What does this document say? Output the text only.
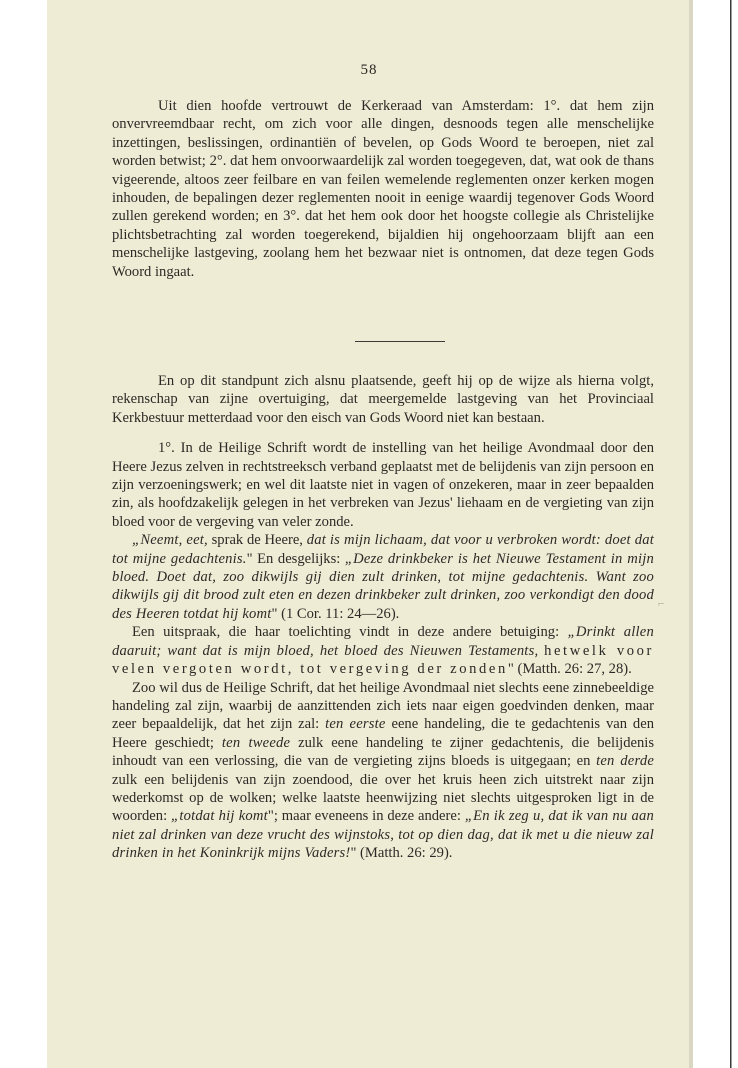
58

Uit dien hoofde vertrouwt de Kerkeraad van Amsterdam: 1°. dat hem zijn onvervreemdbaar recht, om zich voor alle dingen, desnoods tegen alle menschelijke inzettingen, beslissingen, ordinantiën of bevelen, op Gods Woord te beroepen, niet zal worden betwist; 2°. dat hem onvoorwaardelijk zal worden toegegeven, dat, wat ook de thans vigeerende, altoos zeer feilbare en van feilen wemelende reglementen onzer kerken mogen inhouden, de bepalingen dezer reglementen nooit in eenige waardij tegenover Gods Woord zullen gerekend worden; en 3°. dat het hem ook door het hoogste collegie als Christelijke plichtsbetrachting zal worden toegerekend, bijaldien hij ongehoorzaam blijft aan een menschelijke lastgeving, zoolang hem het bezwaar niet is ontnomen, dat deze tegen Gods Woord ingaat.

En op dit standpunt zich alsnu plaatsende, geeft hij op de wijze als hierna volgt, rekenschap van zijne overtuiging, dat meergemelde lastgeving van het Provinciaal Kerkbestuur metterdaad voor den eisch van Gods Woord niet kan bestaan.

1°. In de Heilige Schrift wordt de instelling van het heilige Avondmaal door den Heere Jezus zelven in rechtstreeksch verband geplaatst met de belijdenis van zijn persoon en zijn verzoeningswerk; en wel dit laatste niet in vagen of onzekeren, maar in zeer bepaalden zin, als hoofdzakelijk gelegen in het verbreken van Jezus' liehaam en de vergieting van zijn bloed voor de vergeving van veler zonde.

„Neemt, eet, sprak de Heere, dat is mijn lichaam, dat voor u verbroken wordt: doet dat tot mijne gedachtenis." En desgelijks: „Deze drinkbeker is het Nieuwe Testament in mijn bloed. Doet dat, zoo dikwijls gij dien zult drinken, tot mijne gedachtenis. Want zoo dikwijls gij dit brood zult eten en dezen drinkbeker zult drinken, zoo verkondigt den dood des Heeren totdat hij komt" (1 Cor. 11: 24—26).

Een uitspraak, die haar toelichting vindt in deze andere betuiging: „Drinkt allen daaruit; want dat is mijn bloed, het bloed des Nieuwen Testaments, hetwelk voor velen vergoten wordt, tot vergeving der zonden" (Matth. 26: 27, 28).

Zoo wil dus de Heilige Schrift, dat het heilige Avondmaal niet slechts eene zinnebeeldige handeling zal zijn, waarbij de aanzittenden zich iets naar eigen goedvinden denken, maar zeer bepaaldelijk, dat het zijn zal: ten eerste eene handeling, die te gedachtenis van den Heere geschiedt; ten tweede zulk eene handeling te zijner gedachtenis, die belijdenis inhoudt van een verlossing, die van de vergieting zijns bloeds is uitgegaan; en ten derde zulk een belijdenis van zijn zoendood, die over het kruis heen zich uitstrekt naar zijn wederkomst op de wolken; welke laatste heenwijzing niet slechts uitgesproken ligt in de woorden: „totdat hij komt"; maar eveneens in deze andere: „En ik zeg u, dat ik van nu aan niet zal drinken van deze vrucht des wijnstoks, tot op dien dag, dat ik met u die nieuw zal drinken in het Koninkrijk mijns Vaders!" (Matth. 26: 29).

⌐
